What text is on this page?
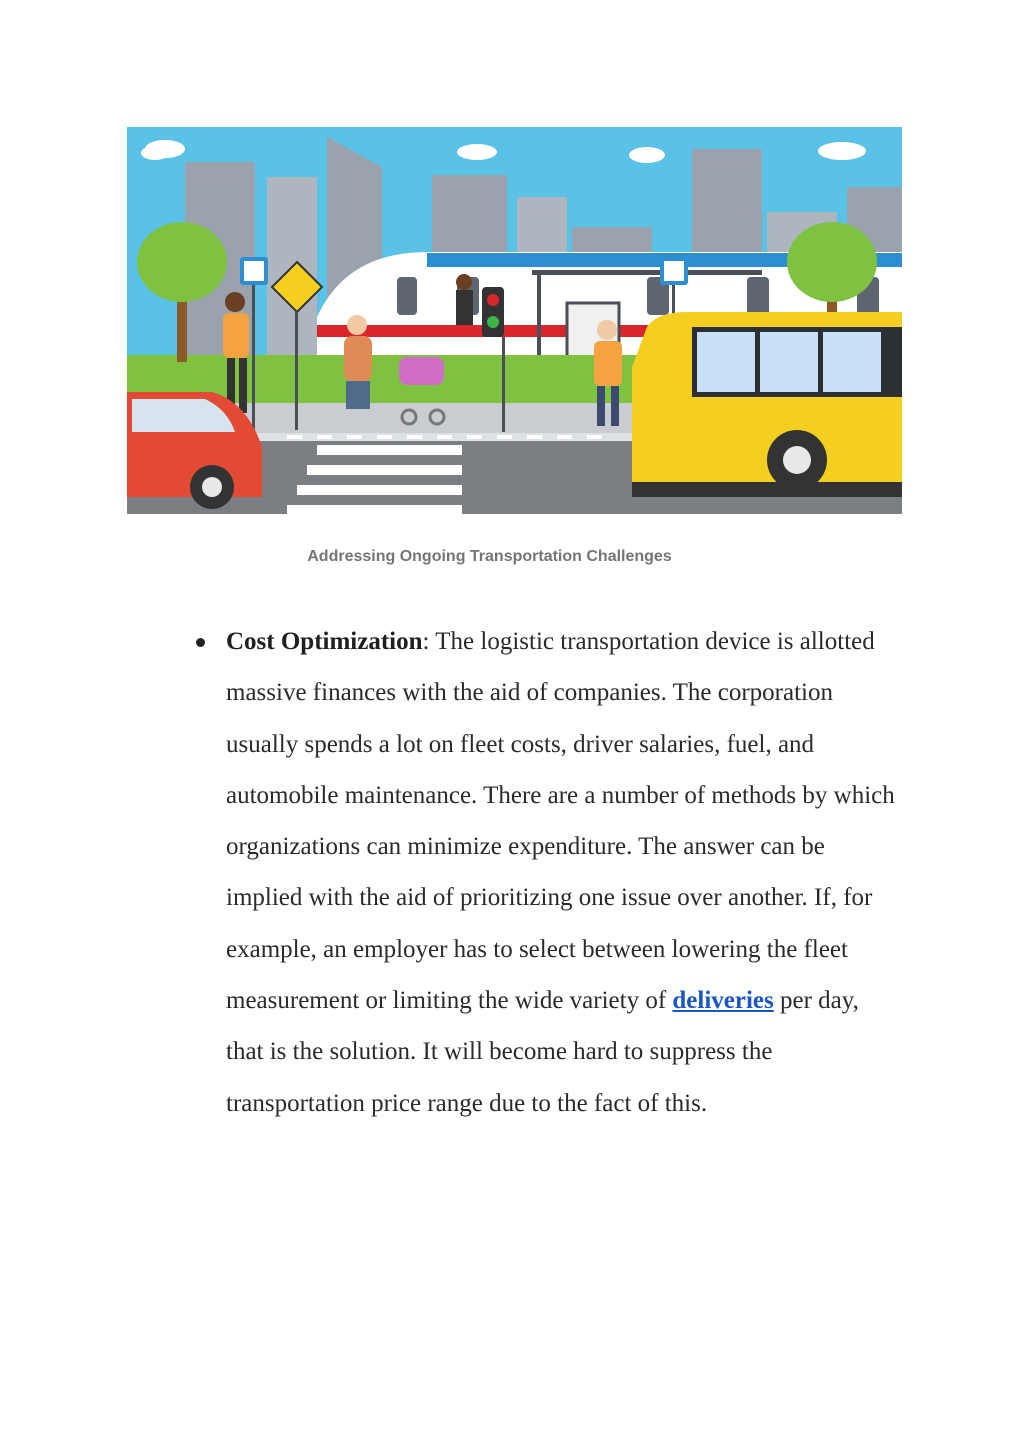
Addressing Ongoing Transportation Challenges

Cost Optimization: The logistic transportation device is allotted massive finances with the aid of companies. The corporation usually spends a lot on fleet costs, driver salaries, fuel, and automobile maintenance. There are a number of methods by which organizations can minimize expenditure. The answer can be implied with the aid of prioritizing one issue over another. If, for example, an employer has to select between lowering the fleet measurement or limiting the wide variety of deliveries per day, that is the solution. It will become hard to suppress the transportation price range due to the fact of this.
